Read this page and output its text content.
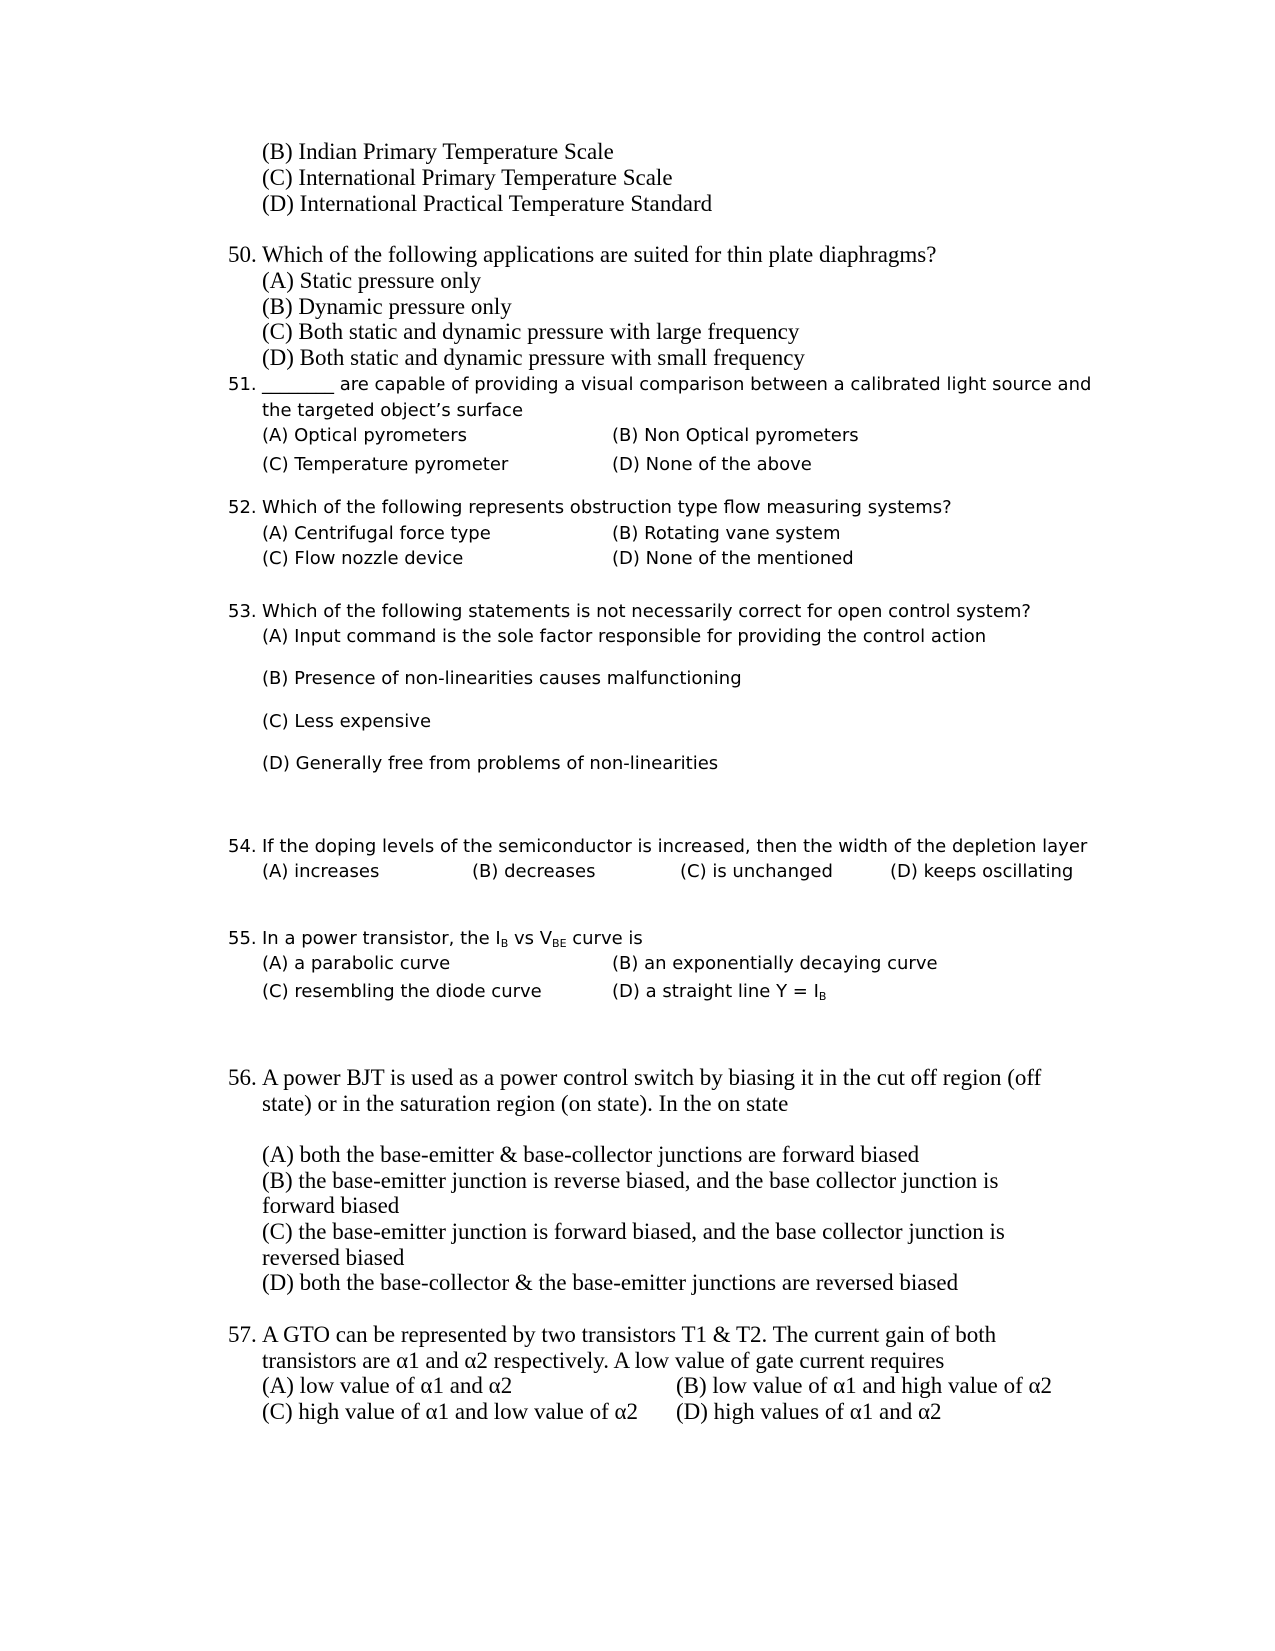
(B) Indian Primary Temperature Scale
(C) International Primary Temperature Scale
(D) International Practical Temperature Standard
50. Which of the following applications are suited for thin plate diaphragms?
(A) Static pressure only
(B) Dynamic pressure only
(C) Both static and dynamic pressure with large frequency
(D) Both static and dynamic pressure with small frequency
51. ________ are capable of providing a visual comparison between a calibrated light source and
the targeted object’s surface
(A) Optical pyrometers	(B) Non Optical pyrometers
(C) Temperature pyrometer	(D) None of the above
52. Which of the following represents obstruction type flow measuring systems?
(A) Centrifugal force type	(B) Rotating vane system
(C) Flow nozzle device	(D) None of the mentioned
53. Which of the following statements is not necessarily correct for open control system?
(A) Input command is the sole factor responsible for providing the control action
(B) Presence of non-linearities causes malfunctioning
(C) Less expensive
(D) Generally free from problems of non-linearities
54. If the doping levels of the semiconductor is increased, then the width of the depletion layer
(A) increases	(B) decreases	(C) is unchanged	(D) keeps oscillating
55. In a power transistor, the $I_B$ vs $V_{BE}$ curve is
(A) a parabolic curve	(B) an exponentially decaying curve
(C) resembling the diode curve	(D) a straight line $Y = I_B$
56. A power BJT is used as a power control switch by biasing it in the cut off region (off
state) or in the saturation region (on state). In the on state
(A) both the base-emitter & base-collector junctions are forward biased
(B) the base-emitter junction is reverse biased, and the base collector junction is
forward biased
(C) the base-emitter junction is forward biased, and the base collector junction is
reversed biased
(D) both the base-collector & the base-emitter junctions are reversed biased
57. A GTO can be represented by two transistors T1 & T2. The current gain of both
transistors are α1 and α2 respectively. A low value of gate current requires
(A) low value of α1 and α2	(B) low value of α1 and high value of α2
(C) high value of α1 and low value of α2 (D) high values of α1 and α2
